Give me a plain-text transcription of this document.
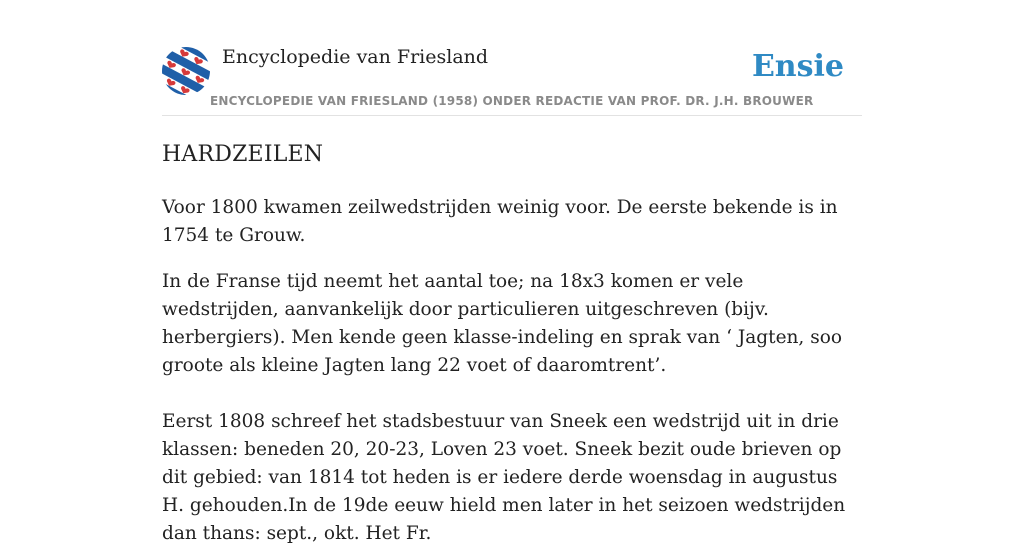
Encyclopedie van Friesland
ENCYCLOPEDIE VAN FRIESLAND (1958) ONDER REDACTIE VAN PROF. DR. J.H. BROUWER
Ensie
HARDZEILEN

Voor 1800 kwamen zeilwedstrijden weinig voor. De eerste bekende is in 1754 te Grouw.

In de Franse tijd neemt het aantal toe; na 18x3 komen er vele wedstrijden, aanvankelijk door particulieren uitgeschreven (bijv. herbergiers). Men kende geen klasse-indeling en sprak van ‘ Jagten, soo groote als kleine Jagten lang 22 voet of daaromtrent’.

Eerst 1808 schreef het stadsbestuur van Sneek een wedstrijd uit in drie klassen: beneden 20, 20-23, Loven 23 voet. Sneek bezit oude brieven op dit gebied: van 1814 tot heden is er iedere derde woensdag in augustus H. gehouden.In de 19de eeuw hield men later in het seizoen wedstrijden dan thans: sept., okt. Het Fr.
